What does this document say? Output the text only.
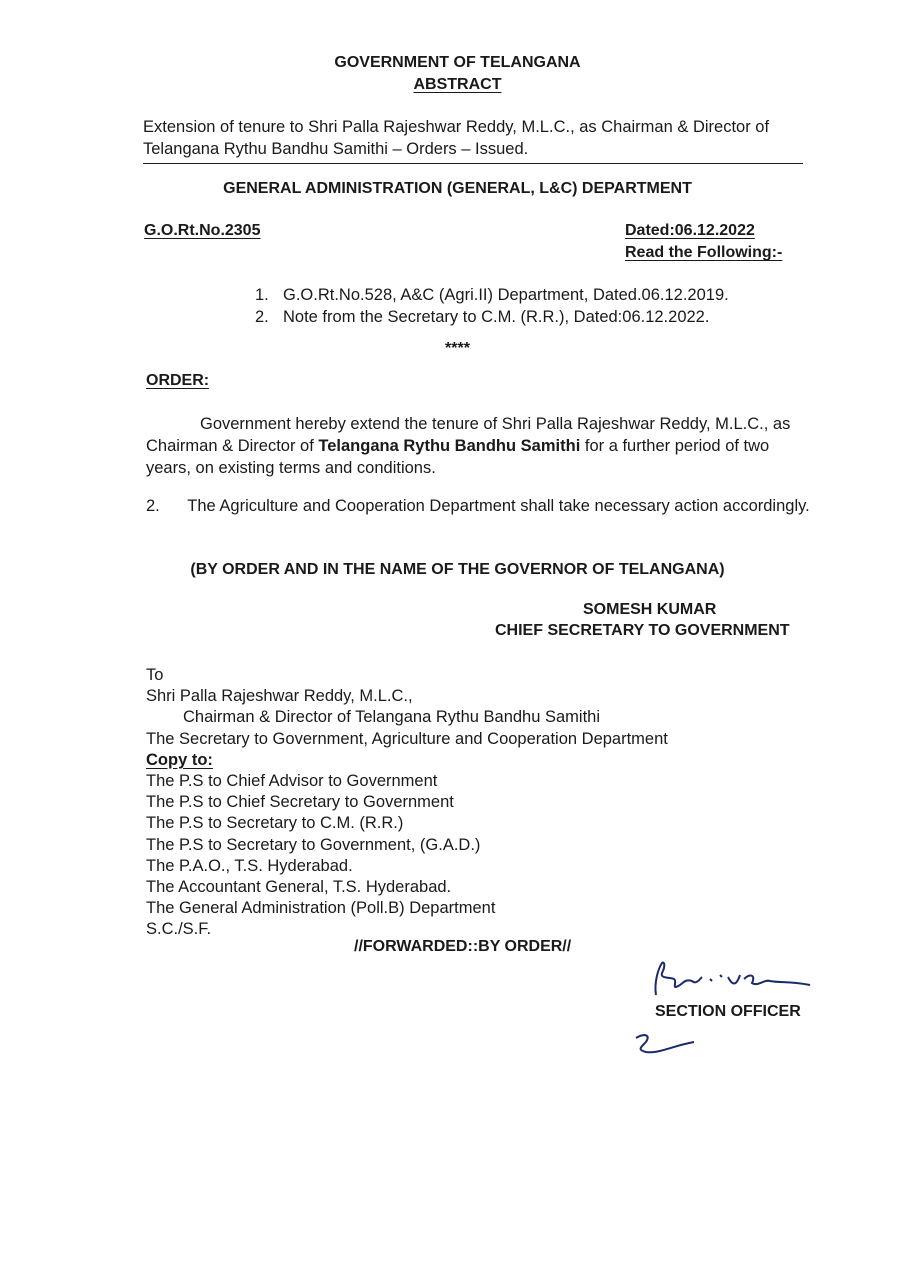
GOVERNMENT OF TELANGANA
ABSTRACT
Extension of tenure to Shri Palla Rajeshwar Reddy, M.L.C., as Chairman & Director of Telangana Rythu Bandhu Samithi – Orders – Issued.
GENERAL ADMINISTRATION (GENERAL, L&C) DEPARTMENT
G.O.Rt.No.2305	Dated:06.12.2022
Read the Following:-
1. G.O.Rt.No.528, A&C (Agri.II) Department, Dated.06.12.2019.
2. Note from the Secretary to C.M. (R.R.), Dated:06.12.2022.
****
ORDER:
Government hereby extend the tenure of Shri Palla Rajeshwar Reddy, M.L.C., as Chairman & Director of Telangana Rythu Bandhu Samithi for a further period of two years, on existing terms and conditions.
2. The Agriculture and Cooperation Department shall take necessary action accordingly.
(BY ORDER AND IN THE NAME OF THE GOVERNOR OF TELANGANA)
SOMESH KUMAR
CHIEF SECRETARY TO GOVERNMENT
To
Shri Palla Rajeshwar Reddy, M.L.C.,
Chairman & Director of Telangana Rythu Bandhu Samithi
The Secretary to Government, Agriculture and Cooperation Department
Copy to:
The P.S to Chief Advisor to Government
The P.S to Chief Secretary to Government
The P.S to Secretary to C.M. (R.R.)
The P.S to Secretary to Government, (G.A.D.)
The P.A.O., T.S. Hyderabad.
The Accountant General, T.S. Hyderabad.
The General Administration (Poll.B) Department
S.C./S.F.
//FORWARDED::BY ORDER//
SECTION OFFICER
